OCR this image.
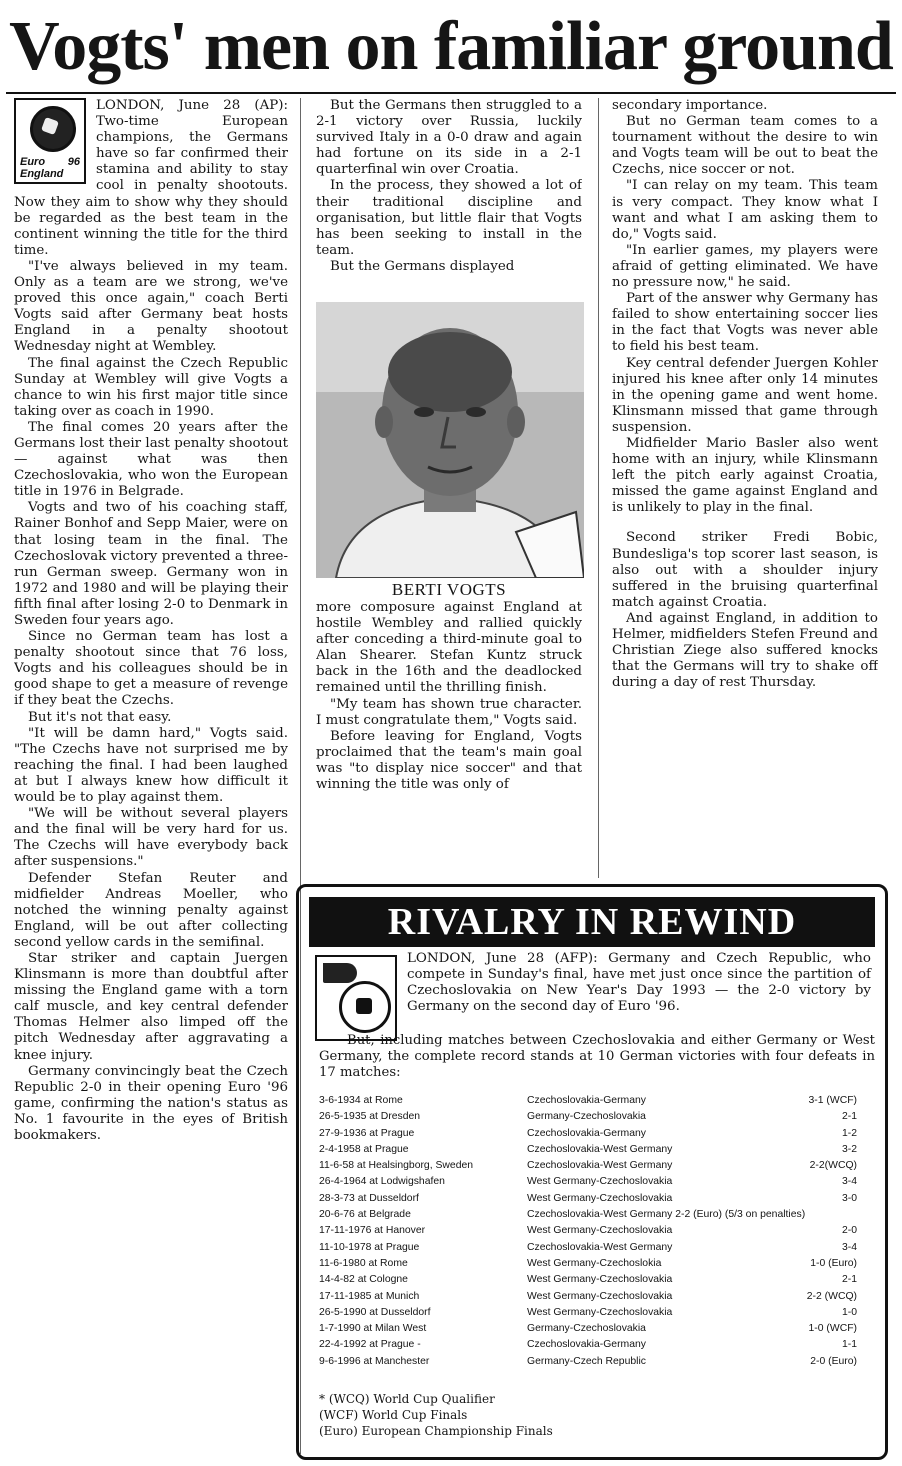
Vogts' men on familiar ground
Euro 96 England

LONDON, June 28 (AP): Two-time European champions, the Germans have so far confirmed their stamina and ability to stay cool in penalty shootouts. Now they aim to show why they should be regarded as the best team in the continent winning the title for the third time.

"I've always believed in my team. Only as a team are we strong, we've proved this once again," coach Berti Vogts said after Germany beat hosts England in a penalty shootout Wednesday night at Wembley.

The final against the Czech Republic Sunday at Wembley will give Vogts a chance to win his first major title since taking over as coach in 1990.

The final comes 20 years after the Germans lost their last penalty shootout — against what was then Czechoslovakia, who won the European title in 1976 in Belgrade.

Vogts and two of his coaching staff, Rainer Bonhof and Sepp Maier, were on that losing team in the final. The Czechoslovak victory prevented a three-run German sweep. Germany won in 1972 and 1980 and will be playing their fifth final after losing 2-0 to Denmark in Sweden four years ago.

Since no German team has lost a penalty shootout since that 76 loss, Vogts and his colleagues should be in good shape to get a measure of revenge if they beat the Czechs.

But it's not that easy.

"It will be damn hard," Vogts said. "The Czechs have not surprised me by reaching the final. I had been laughed at but I always knew how difficult it would be to play against them.

"We will be without several players and the final will be very hard for us. The Czechs will have everybody back after suspensions."

Defender Stefan Reuter and midfielder Andreas Moeller, who notched the winning penalty against England, will be out after collecting second yellow cards in the semifinal.

Star striker and captain Juergen Klinsmann is more than doubtful after missing the England game with a torn calf muscle, and key central defender Thomas Helmer also limped off the pitch Wednesday after aggravating a knee injury.

Germany convincingly beat the Czech Republic 2-0 in their opening Euro '96 game, confirming the nation's status as No. 1 favourite in the eyes of British bookmakers.

But the Germans then struggled to a 2-1 victory over Russia, luckily survived Italy in a 0-0 draw and again had fortune on its side in a 2-1 quarterfinal win over Croatia.

In the process, they showed a lot of their traditional discipline and organisation, but little flair that Vogts has been seeking to install in the team.

But the Germans displayed

BERTI VOGTS

more composure against England at hostile Wembley and rallied quickly after conceding a third-minute goal to Alan Shearer. Stefan Kuntz struck back in the 16th and the deadlocked remained until the thrilling finish.

"My team has shown true character. I must congratulate them," Vogts said.

Before leaving for England, Vogts proclaimed that the team's main goal was "to display nice soccer" and that winning the title was only of

secondary importance.

But no German team comes to a tournament without the desire to win and Vogts team will be out to beat the Czechs, nice soccer or not.

"I can relay on my team. This team is very compact. They know what I want and what I am asking them to do," Vogts said.

"In earlier games, my players were afraid of getting eliminated. We have no pressure now," he said.

Part of the answer why Germany has failed to show entertaining soccer lies in the fact that Vogts was never able to field his best team.

Key central defender Juergen Kohler injured his knee after only 14 minutes in the opening game and went home. Klinsmann missed that game through suspension.

Midfielder Mario Basler also went home with an injury, while Klinsmann left the pitch early against Croatia, missed the game against England and is unlikely to play in the final.

Second striker Fredi Bobic, Bundesliga's top scorer last season, is also out with a shoulder injury suffered in the bruising quarterfinal match against Croatia.

And against England, in addition to Helmer, midfielders Stefen Freund and Christian Ziege also suffered knocks that the Germans will try to shake off during a day of rest Thursday.

RIVALRY IN REWIND

LONDON, June 28 (AFP): Germany and Czech Republic, who compete in Sunday's final, have met just once since the partition of Czechoslovakia on New Year's Day 1993 — the 2-0 victory by Germany on the second day of Euro '96.

But, including matches between Czechoslovakia and either Germany or West Germany, the complete record stands at 10 German victories with four defeats in 17 matches:

3-6-1934 at Rome	Czechoslovakia-Germany	3-1 (WCF)
26-5-1935 at Dresden	Germany-Czechoslovakia	2-1
27-9-1936 at Prague	Czechoslovakia-Germany	1-2
2-4-1958 at Prague	Czechoslovakia-West Germany	3-2
11-6-58 at Healsingborg, Sweden	Czechoslovakia-West Germany	2-2(WCQ)
26-4-1964 at Lodwigshafen	West Germany-Czechoslovakia	3-4
28-3-73 at Dusseldorf	West Germany-Czechoslovakia	3-0
20-6-76 at Belgrade	Czechoslovakia-West Germany 2-2 (Euro) (5/3 on penalties)
17-11-1976 at Hanover	West Germany-Czechoslovakia	2-0
11-10-1978 at Prague	Czechoslovakia-West Germany	3-4
11-6-1980 at Rome	West Germany-Czechoslokia	1-0 (Euro)
14-4-82 at Cologne	West Germany-Czechoslovakia	2-1
17-11-1985 at Munich	West Germany-Czechoslovakia	2-2 (WCQ)
26-5-1990 at Dusseldorf	West Germany-Czechoslovakia	1-0
1-7-1990 at Milan West	Germany-Czechoslovakia	1-0 (WCF)
22-4-1992 at Prague -	Czechoslovakia-Germany	1-1
9-6-1996 at Manchester	Germany-Czech Republic	2-0 (Euro)
* (WCQ) World Cup Qualifier
(WCF) World Cup Finals
(Euro) European Championship Finals
